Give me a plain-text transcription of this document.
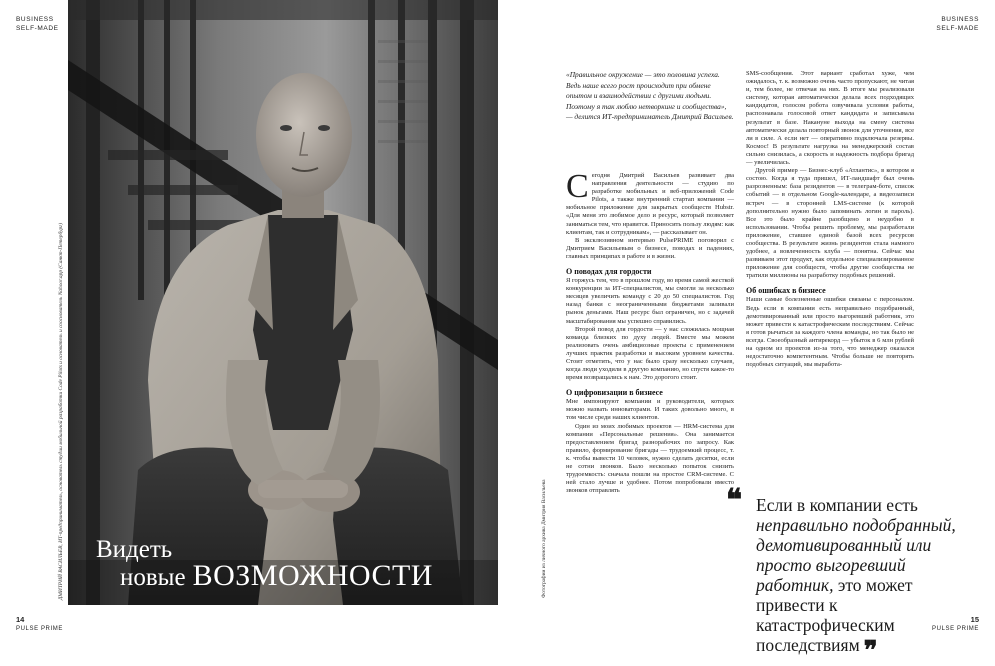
BUSINESS
SELF-MADE
Видеть
новые ВОЗМОЖНОСТИ
ДМИТРИЙ ВАСИЛЬЕВ, ИТ-предприниматель, основатель студии мобильной разработки Code Pilots и основатель и сооснователь Nahoor.app (Санкт-Петербург)
14
PULSE PRIME
BUSINESS
SELF-MADE

«Правильное окружение — это половина успеха. Ведь наше всего рост происходит при обмене опытом и взаимодействии с другими людьми. Поэтому я так люблю нетворкинг и сообщества», — делится ИТ-предприниматель Дмитрий Васильев.

Фотографии из личного архива Дмитрия Васильева

Сегодня Дмитрий Васильев развивает два направления деятельности — студию по разработке мобильных и веб-приложений Code Pilots, а также внутренний стартап компании — мобильное приложение для закрытых сообществ Hubstr. «Для меня это любимое дело и ресурс, который позволяет заниматься тем, что нравится. Приносить пользу людям: как клиентам, так и сотрудникам», — рассказывает он.

В эксклюзивном интервью PulsePRIME поговорил с Дмитрием Васильевым о бизнесе, поводах и падениях, главных принципах в работе и в жизни.

О поводах для гордости

Я горжусь тем, что в прошлом году, во время самой жесткой конкуренции за ИТ-специалистов, мы смогли за несколько месяцев увеличить команду с 20 до 50 специалистов. Год назад банки с неограниченными бюджетами заливали рынок деньгами. Наш ресурс был ограничен, но с задачей масштабирования мы успешно справились.

Второй повод для гордости — у нас сложилась мощная команда близких по духу людей. Вместе мы можем реализовать очень амбициозные проекты с применением лучших практик разработки и высоким уровнем качества. Стоит отметить, что у нас было сразу несколько случаев, когда люди уходили в другую компанию, но спустя какое-то время возвращались к нам. Это дорогого стоит.

О цифровизации в бизнесе

Мне импонируют компании и руководители, которых можно назвать инноваторами. И таких довольно много, в том числе среди наших клиентов.

Один из моих любимых проектов — HRM-система для компании «Персональные решения». Она занимается предоставлением бригад разнорабочих по запросу. Как правило, формирование бригады — трудоемкий процесс, т. к. чтобы вывести 10 человек, нужно сделать десятки, если не сотни звонков. Было несколько попыток снизить трудоемкость: сначала пошли на простое CRM-системе. С ней стало лучше и удобнее. Потом попробовали вместо звонков отправлять

SMS-сообщения. Этот вариант сработал хуже, чем ожидалось, т. к. возможно очень часто пропускают, не читая и, тем более, не отвечая на них. В итоге мы реализовали систему, которая автоматически делала всех подходящих кандидатов, голосом робота озвучивала условия работы, распознавала голосовой ответ кандидата и записывала результат в базе. Накануне выхода на смену система автоматически делала повторный звонок для уточнения, все ли в силе. А если нет — оперативно подключала резервы. Космос! В результате нагрузка на менеджерский состав сильно снизилась, а скорость и надежность подбора бригад — увеличилась.

Другой пример — Бизнес-клуб «Атлантис», в котором я состою. Когда я туда пришел, ИТ-ландшафт был очень разрозненным: база резидентов — в телеграм-боте, список событий — в отдельном Google-календаре, а видеозаписи встреч — в сторонней LMS-системе (к которой дополнительно нужно было запоминать логин и пароль). Все это было крайне разобщено и неудобно в использовании. Чтобы решить проблему, мы разработали приложение, ставшее единой базой всех ресурсов сообщества. В результате жизнь резидентов стала намного удобнее, а вовлеченность клуба — понятна. Сейчас мы развиваем этот продукт, как отдельное специализированное приложение для сообществ, чтобы другие сообщества не тратили миллионы на разработку подобных решений.

Об ошибках в бизнесе

Наши самые болезненные ошибки связаны с персоналом. Ведь если в компании есть неправильно подобранный, демотивированный или просто выгоревший работник, это может привести к катастрофическим последствиям. Сейчас я готов рычаться за каждого члена команды, но так было не всегда. Своеобразный антирекорд — убыток в 6 млн рублей на одном из проектов из-за того, что менеджер оказался недостаточно компетентным. Чтобы больше не повторять подобных ситуаций, мы выработа-

❝ Если в компании есть неправильно подобранный, демотивированный или просто выгоревший работник, это может привести к катастрофическим последствиям ❞
15
PULSE PRIME
